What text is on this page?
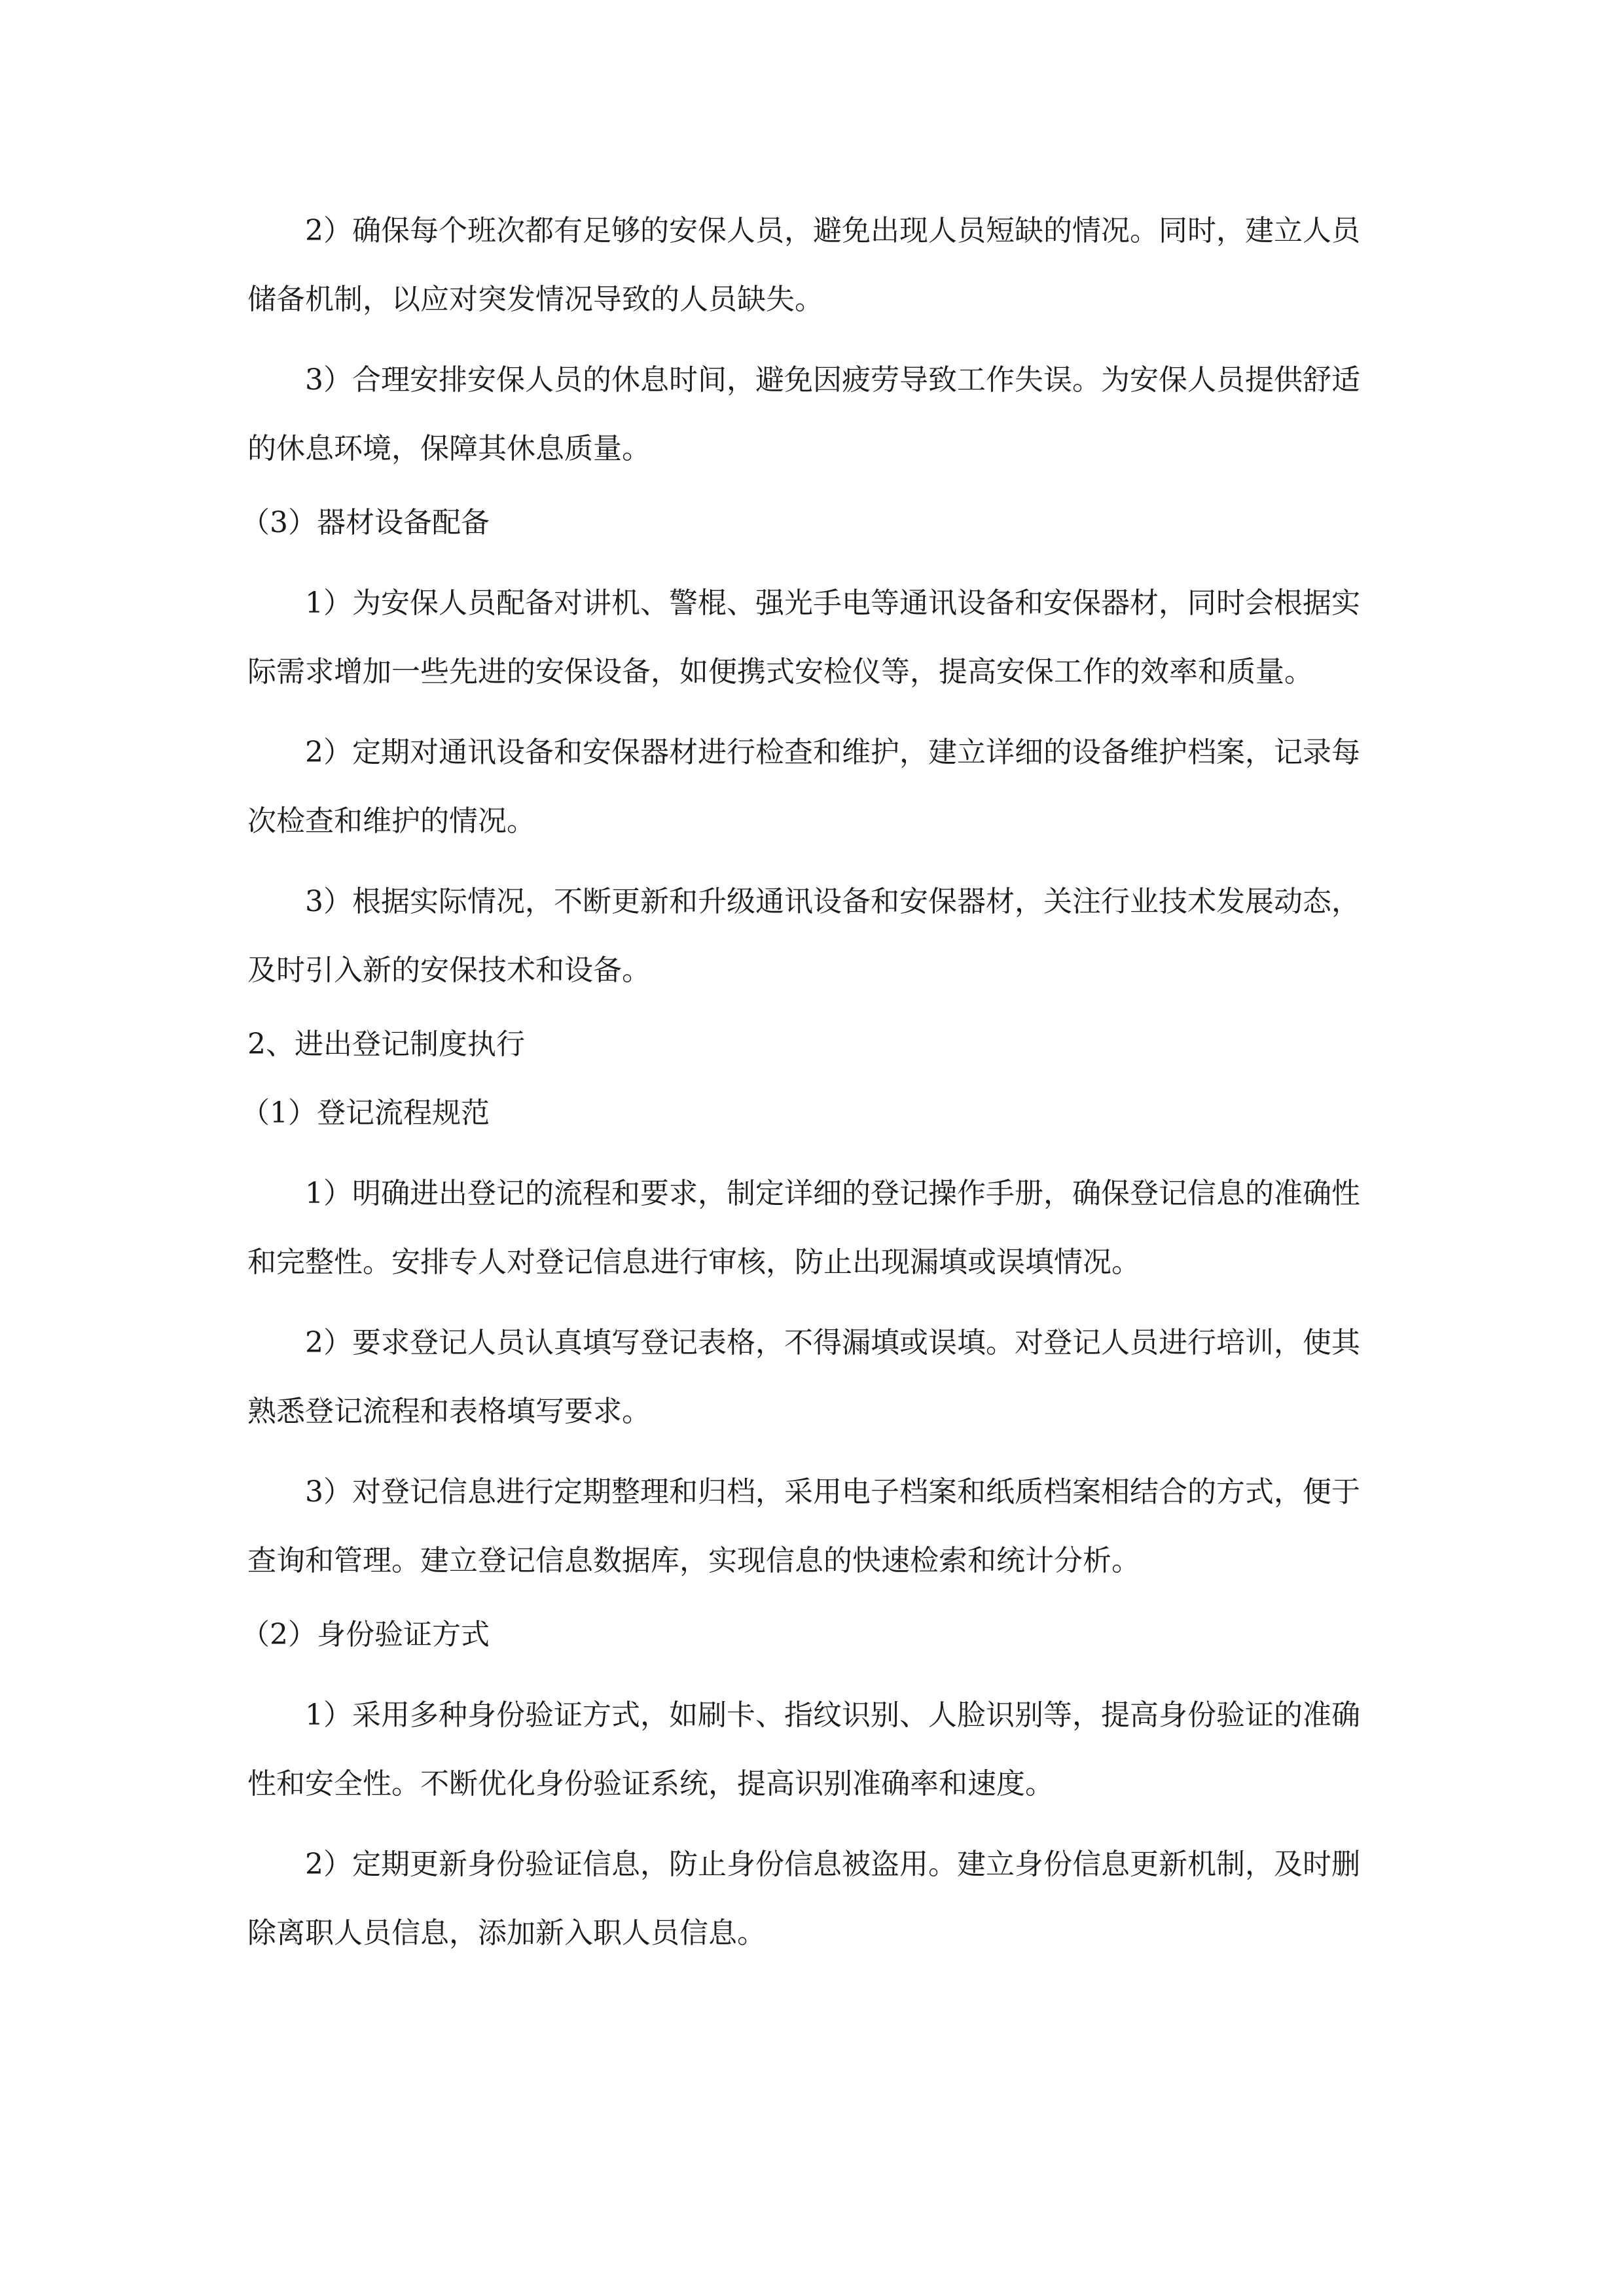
2）确保每个班次都有足够的安保人员，避免出现人员短缺的情况。同时，建立人员储备机制，以应对突发情况导致的人员缺失。

3）合理安排安保人员的休息时间，避免因疲劳导致工作失误。为安保人员提供舒适的休息环境，保障其休息质量。

（3）器材设备配备

1）为安保人员配备对讲机、警棍、强光手电等通讯设备和安保器材，同时会根据实际需求增加一些先进的安保设备，如便携式安检仪等，提高安保工作的效率和质量。

2）定期对通讯设备和安保器材进行检查和维护，建立详细的设备维护档案，记录每次检查和维护的情况。

3）根据实际情况，不断更新和升级通讯设备和安保器材，关注行业技术发展动态，及时引入新的安保技术和设备。

2、进出登记制度执行

（1）登记流程规范

1）明确进出登记的流程和要求，制定详细的登记操作手册，确保登记信息的准确性和完整性。安排专人对登记信息进行审核，防止出现漏填或误填情况。

2）要求登记人员认真填写登记表格，不得漏填或误填。对登记人员进行培训，使其熟悉登记流程和表格填写要求。

3）对登记信息进行定期整理和归档，采用电子档案和纸质档案相结合的方式，便于查询和管理。建立登记信息数据库，实现信息的快速检索和统计分析。

（2）身份验证方式

1）采用多种身份验证方式，如刷卡、指纹识别、人脸识别等，提高身份验证的准确性和安全性。不断优化身份验证系统，提高识别准确率和速度。

2）定期更新身份验证信息，防止身份信息被盗用。建立身份信息更新机制，及时删除离职人员信息，添加新入职人员信息。
